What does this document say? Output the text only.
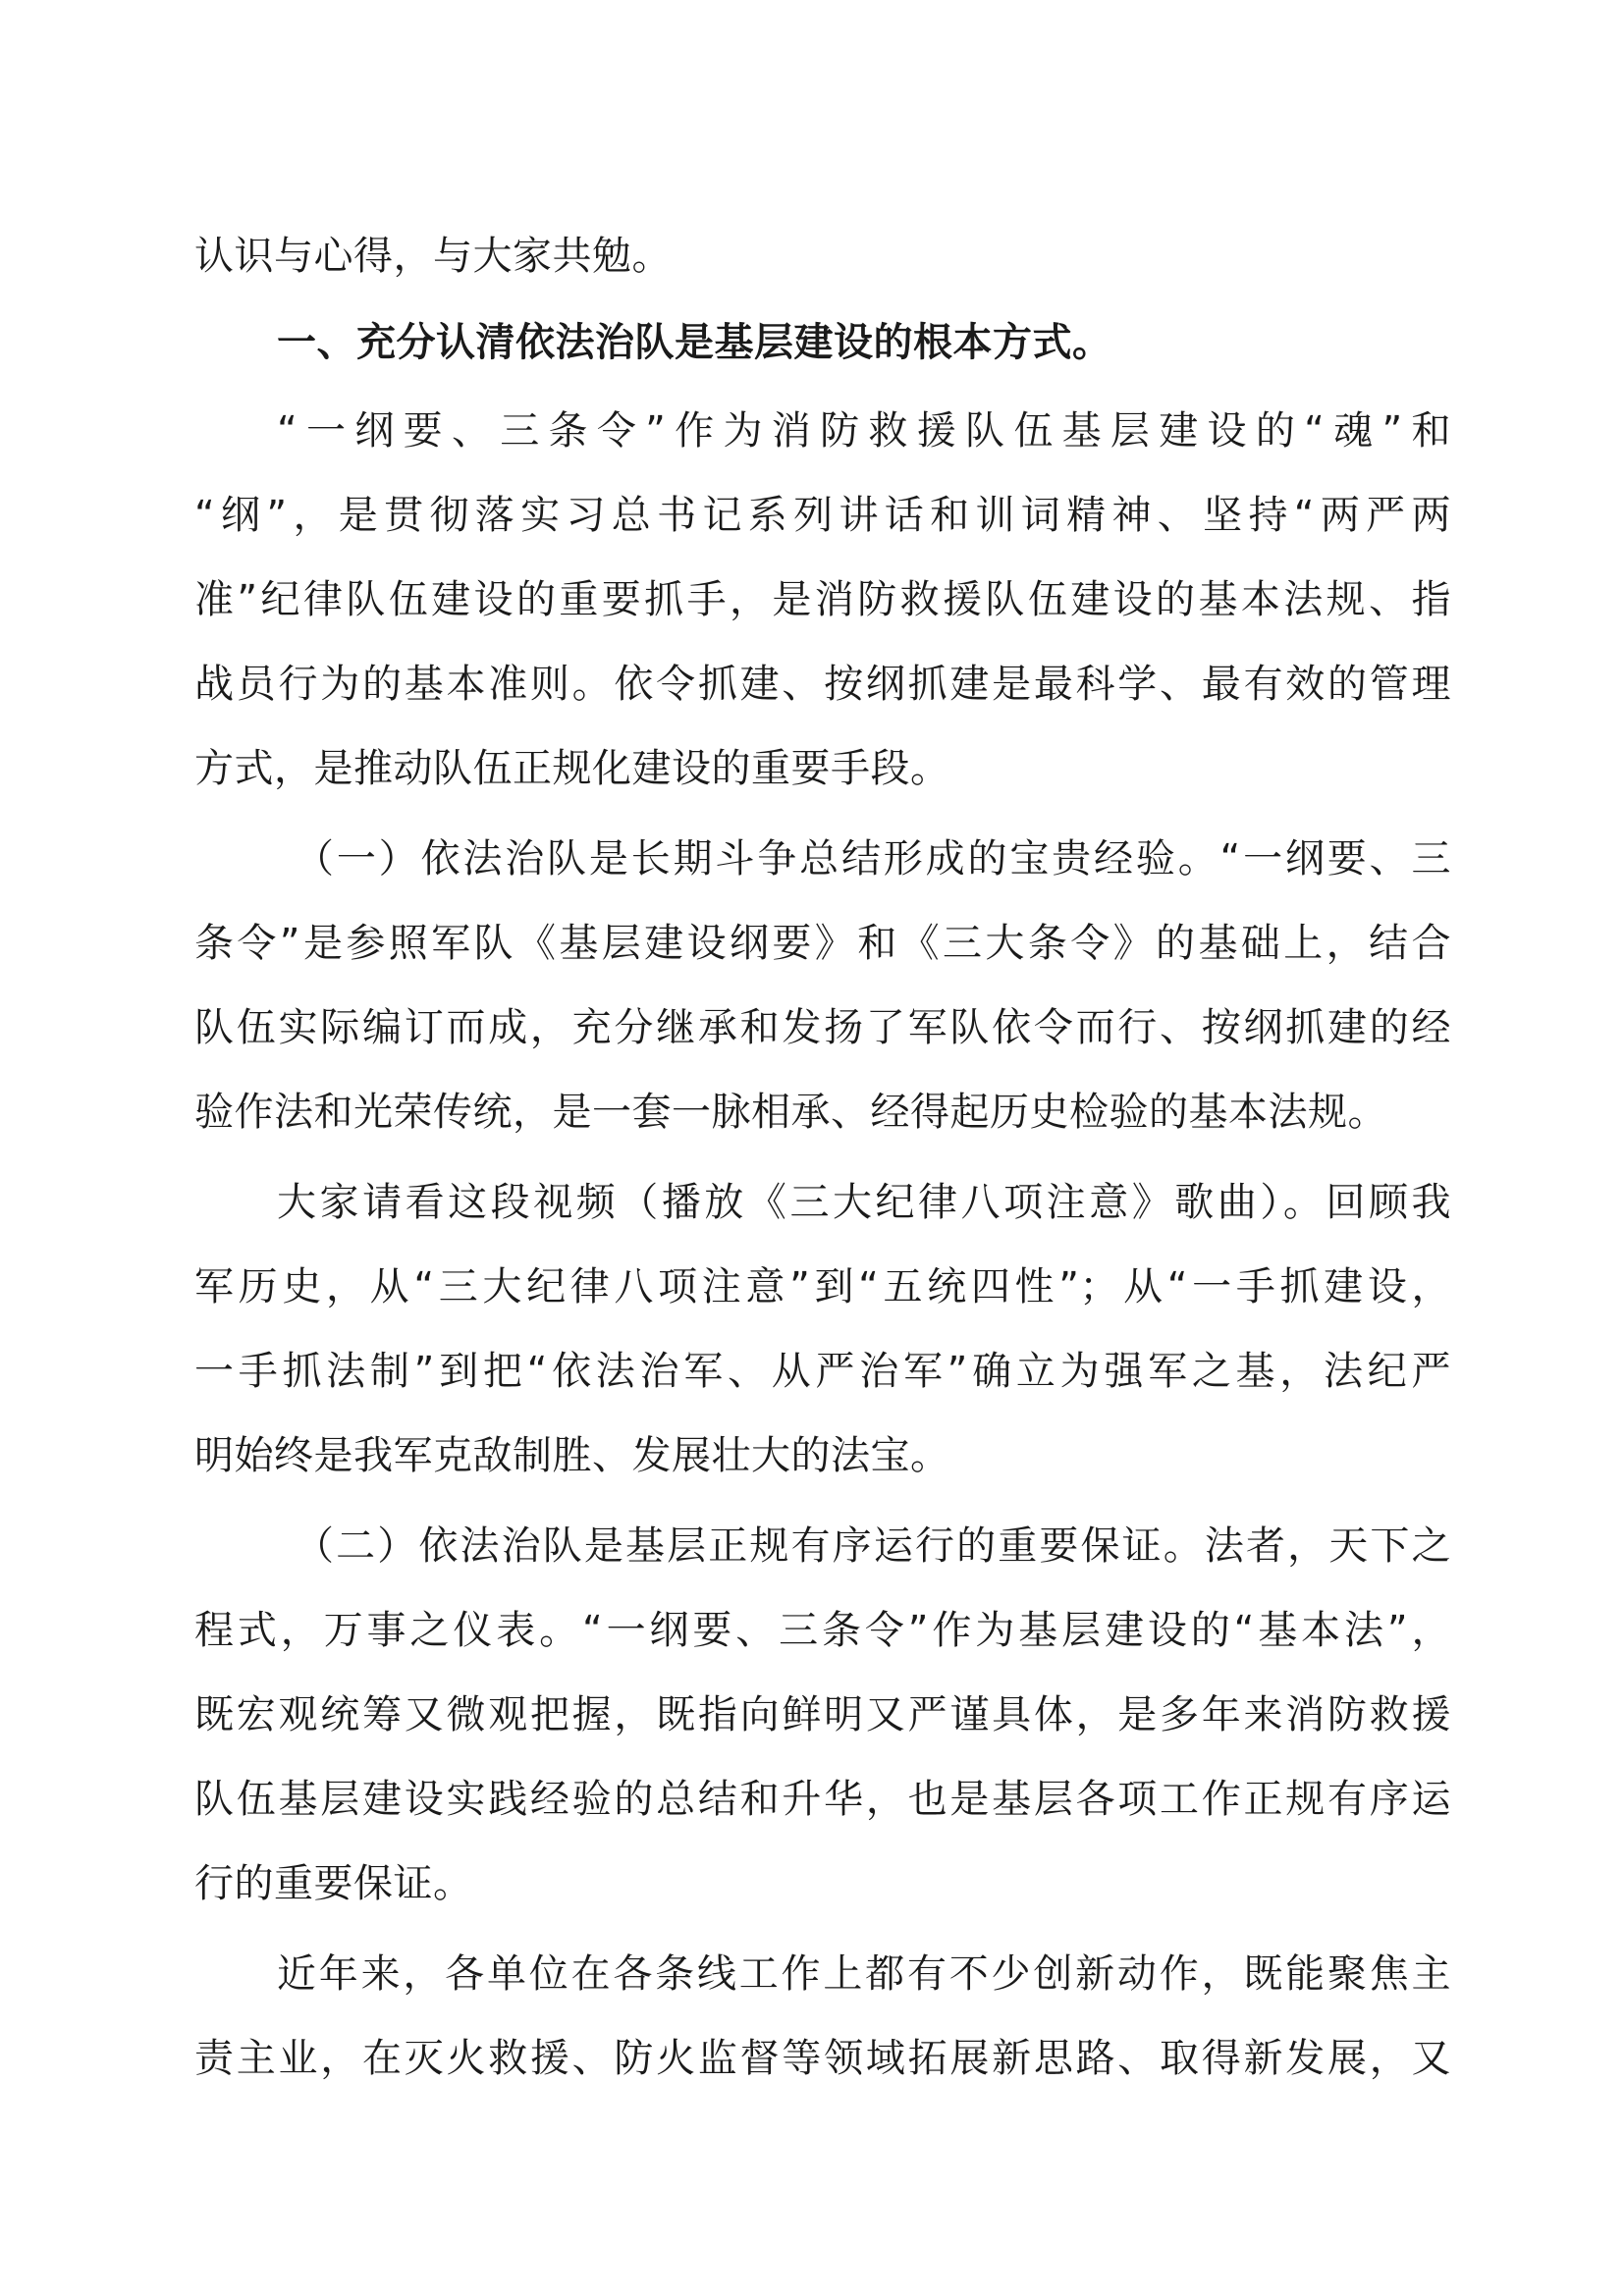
认识与心得，与大家共勉。
一、充分认清依法治队是基层建设的根本方式。
“一纲要、三条令”作为消防救援队伍基层建设的“魂”和
“纲”，是贯彻落实习总书记系列讲话和训词精神、坚持“两严两
准”纪律队伍建设的重要抓手，是消防救援队伍建设的基本法规、指
战员行为的基本准则。依令抓建、按纲抓建是最科学、最有效的管理
方式，是推动队伍正规化建设的重要手段。
（一）依法治队是长期斗争总结形成的宝贵经验。“一纲要、三
条令”是参照军队《基层建设纲要》和《三大条令》的基础上，结合
队伍实际编订而成，充分继承和发扬了军队依令而行、按纲抓建的经
验作法和光荣传统，是一套一脉相承、经得起历史检验的基本法规。
大家请看这段视频（播放《三大纪律八项注意》歌曲）。回顾我
军历史，从“三大纪律八项注意”到“五统四性”；从“一手抓建设，
一手抓法制”到把“依法治军、从严治军”确立为强军之基，法纪严
明始终是我军克敌制胜、发展壮大的法宝。
（二）依法治队是基层正规有序运行的重要保证。法者，天下之
程式，万事之仪表。“一纲要、三条令”作为基层建设的“基本法”，
既宏观统筹又微观把握，既指向鲜明又严谨具体，是多年来消防救援
队伍基层建设实践经验的总结和升华，也是基层各项工作正规有序运
行的重要保证。
近年来，各单位在各条线工作上都有不少创新动作，既能聚焦主
责主业，在灭火救援、防火监督等领域拓展新思路、取得新发展，又
